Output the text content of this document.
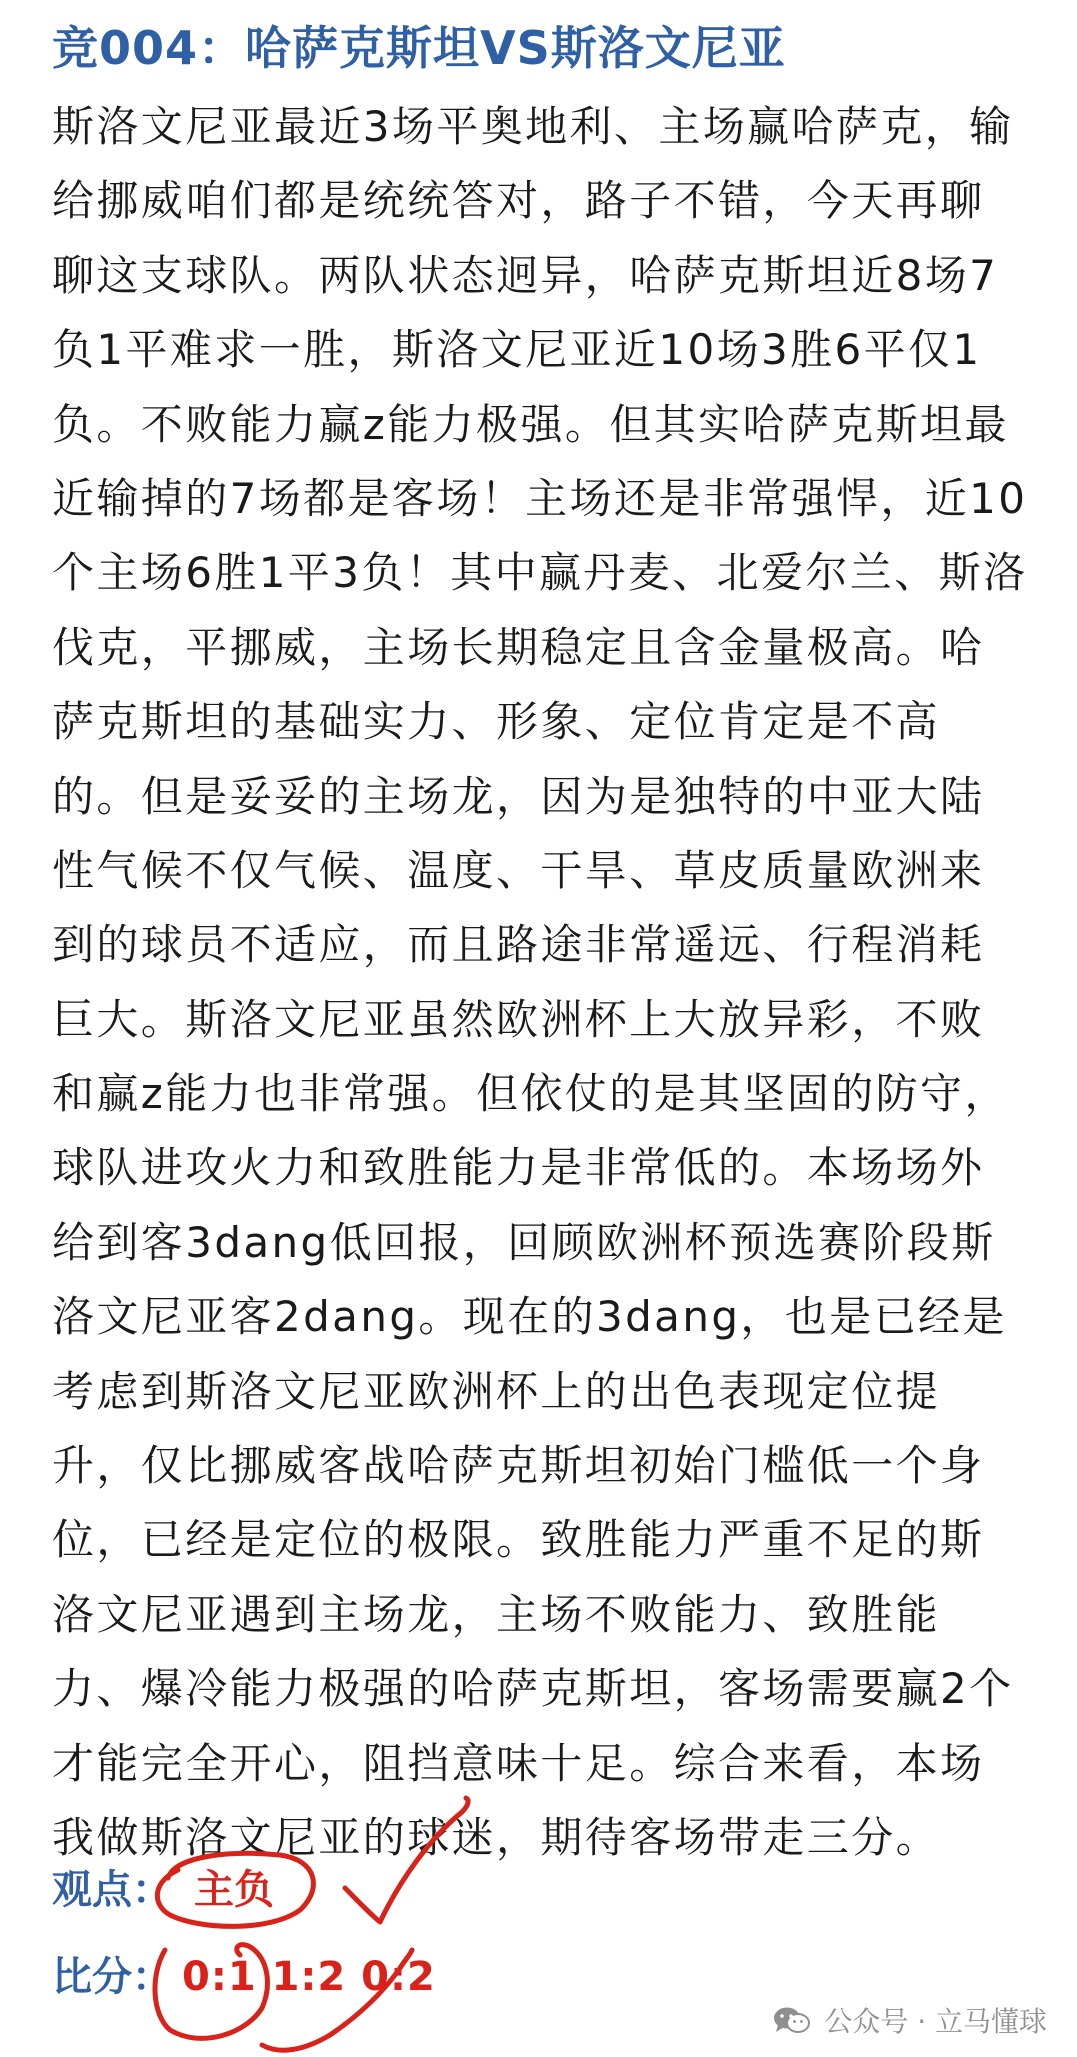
竞004：哈萨克斯坦VS斯洛文尼亚
斯洛文尼亚最近3场平奥地利、主场赢哈萨克，输
给挪威咱们都是统统答对，路子不错，今天再聊
聊这支球队。两队状态迥异，哈萨克斯坦近8场7
负1平难求一胜，斯洛文尼亚近10场3胜6平仅1
负。不败能力赢z能力极强。但其实哈萨克斯坦最
近输掉的7场都是客场！主场还是非常强悍，近10
个主场6胜1平3负！其中赢丹麦、北爱尔兰、斯洛
伐克，平挪威，主场长期稳定且含金量极高。哈
萨克斯坦的基础实力、形象、定位肯定是不高
的。但是妥妥的主场龙，因为是独特的中亚大陆
性气候不仅气候、温度、干旱、草皮质量欧洲来
到的球员不适应，而且路途非常遥远、行程消耗
巨大。斯洛文尼亚虽然欧洲杯上大放异彩，不败
和赢z能力也非常强。但依仗的是其坚固的防守，
球队进攻火力和致胜能力是非常低的。本场场外
给到客3dang低回报，回顾欧洲杯预选赛阶段斯
洛文尼亚客2dang。现在的3dang，也是已经是
考虑到斯洛文尼亚欧洲杯上的出色表现定位提
升，仅比挪威客战哈萨克斯坦初始门槛低一个身
位，已经是定位的极限。致胜能力严重不足的斯
洛文尼亚遇到主场龙，主场不败能力、致胜能
力、爆冷能力极强的哈萨克斯坦，客场需要赢2个
才能完全开心，阻挡意味十足。综合来看，本场
我做斯洛文尼亚的球迷，期待客场带走三分。
观点： 主负
比分： 0:1 1:2 0:2
公众号 · 立马懂球
